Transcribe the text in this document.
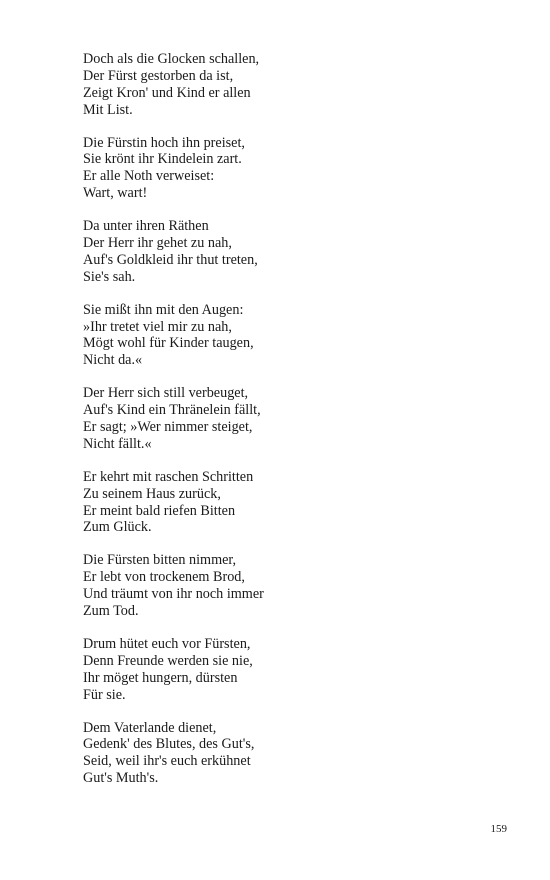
Doch als die Glocken schallen,
Der Fürst gestorben da ist,
Zeigt Kron' und Kind er allen
Mit List.
Die Fürstin hoch ihn preiset,
Sie krönt ihr Kindelein zart.
Er alle Noth verweiset:
Wart, wart!
Da unter ihren Räthen
Der Herr ihr gehet zu nah,
Auf's Goldkleid ihr thut treten,
Sie's sah.
Sie mißt ihn mit den Augen:
»Ihr tretet viel mir zu nah,
Mögt wohl für Kinder taugen,
Nicht da.«
Der Herr sich still verbeuget,
Auf's Kind ein Thränelein fällt,
Er sagt; »Wer nimmer steiget,
Nicht fällt.«
Er kehrt mit raschen Schritten
Zu seinem Haus zurück,
Er meint bald riefen Bitten
Zum Glück.
Die Fürsten bitten nimmer,
Er lebt von trockenem Brod,
Und träumt von ihr noch immer
Zum Tod.
Drum hütet euch vor Fürsten,
Denn Freunde werden sie nie,
Ihr möget hungern, dürsten
Für sie.
Dem Vaterlande dienet,
Gedenk' des Blutes, des Gut's,
Seid, weil ihr's euch erkühnet
Gut's Muth's.
159
